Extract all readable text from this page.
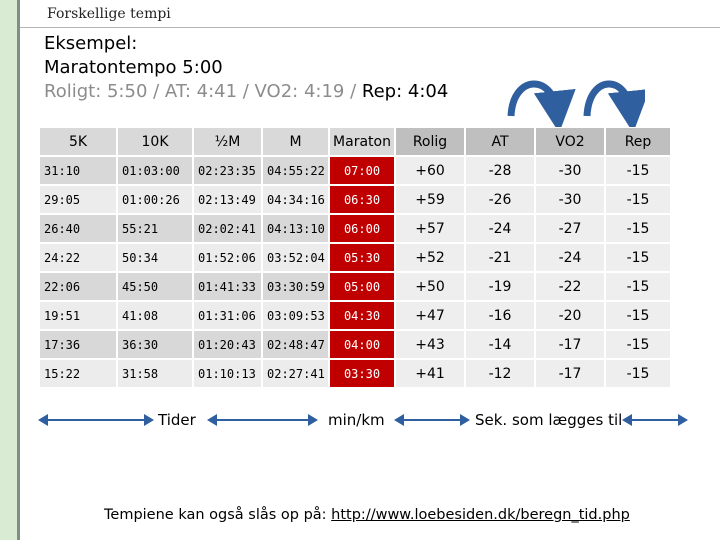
Forskellige tempi
Eksempel:
Maratontempo 5:00
Roligt: 5:50 / AT: 4:41 / VO2: 4:19 / Rep: 4:04
5K	10K	½M	M	Maraton	Rolig	AT	VO2	Rep
31:10	01:03:00	02:23:35	04:55:22	07:00	+60	-28	-30	-15
29:05	01:00:26	02:13:49	04:34:16	06:30	+59	-26	-30	-15
26:40	55:21	02:02:41	04:13:10	06:00	+57	-24	-27	-15
24:22	50:34	01:52:06	03:52:04	05:30	+52	-21	-24	-15
22:06	45:50	01:41:33	03:30:59	05:00	+50	-19	-22	-15
19:51	41:08	01:31:06	03:09:53	04:30	+47	-16	-20	-15
17:36	36:30	01:20:43	02:48:47	04:00	+43	-14	-17	-15
15:22	31:58	01:10:13	02:27:41	03:30	+41	-12	-17	-15
Tider	min/km	Sek. som lægges til
Tempiene kan også slås op på: http://www.loebesiden.dk/beregn_tid.php
